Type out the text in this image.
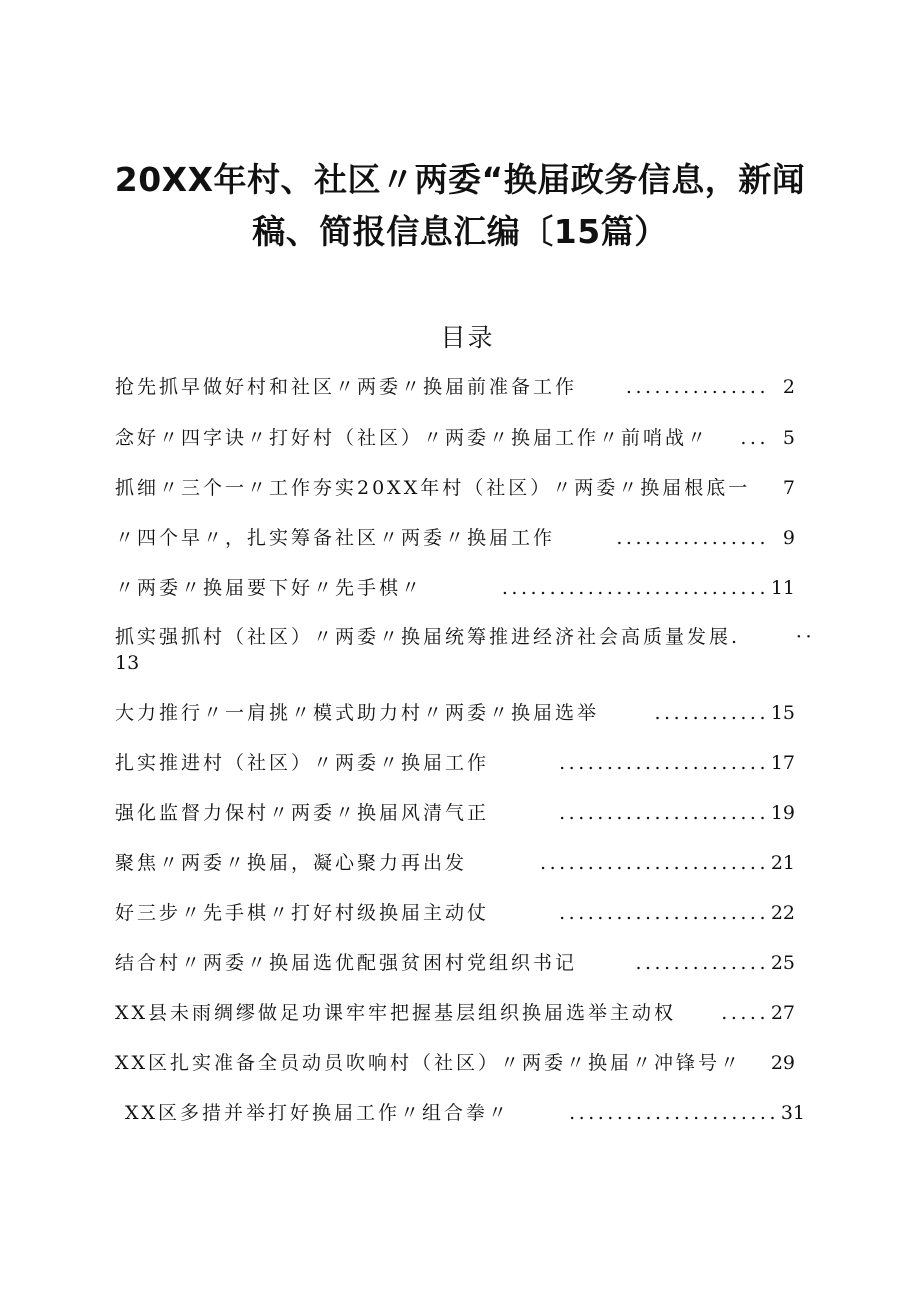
20XX年村、社区〃两委“换届政务信息，新闻
稿、简报信息汇编〔15篇）
目录
抢先抓早做好村和社区〃两委〃换届前准备工作	............... 2
念好〃四字诀〃打好村（社区）〃两委〃换届工作〃前哨战〃 ... 5
抓细〃三个一〃工作夯实20XX年村（社区）〃两委〃换届根底一 7
〃四个早〃，扎实筹备社区〃两委〃换届工作	................ 9
〃两委〃换届要下好〃先手棋〃	............................ 11
抓实强抓村（社区）〃两委〃换届统筹推进经济社会高质量发展.	··
13
大力推行〃一肩挑〃模式助力村〃两委〃换届选举	............ 15
扎实推进村（社区）〃两委〃换届工作	...................... 17
强化监督力保村〃两委〃换届风清气正	...................... 19
聚焦〃两委〃换届，凝心聚力再出发	........................ 21
好三步〃先手棋〃打好村级换届主动仗	...................... 22
结合村〃两委〃换届选优配强贫困村党组织书记	.............. 25
XX县未雨绸缪做足功课牢牢把握基层组织换届选举主动权 ..... 27
XX区扎实准备全员动员吹响村（社区）〃两委〃换届〃冲锋号〃 29
XX区多措并举打好换届工作〃组合拳〃	...................... 31
